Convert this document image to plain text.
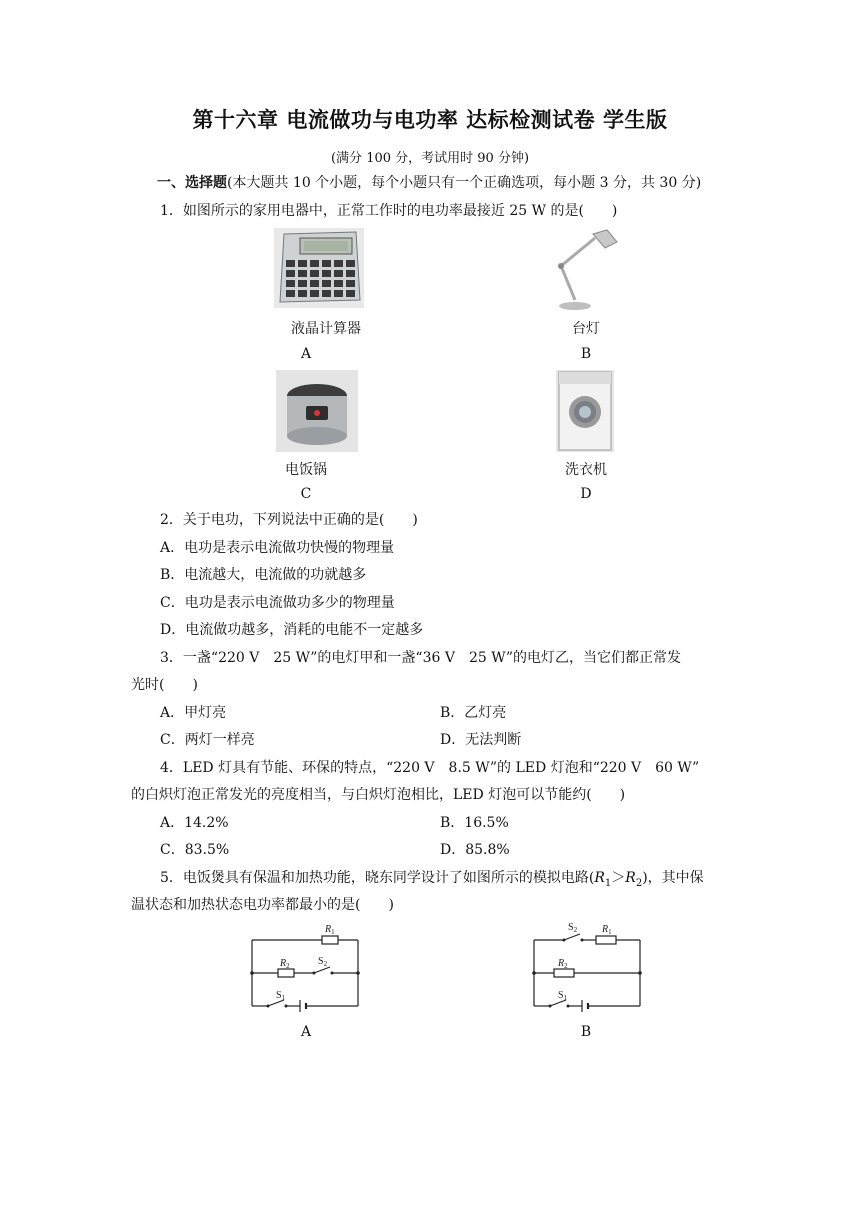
第十六章 电流做功与电功率 达标检测试卷 学生版
(满分 100 分，考试用时 90 分钟)
一、选择题(本大题共 10 个小题，每个小题只有一个正确选项，每小题 3 分，共 30 分)
1．如图所示的家用电器中，正常工作时的电功率最接近 25 W 的是(　　)
液晶计算器	台灯
A	B
电饭锅	洗衣机
C	D
2．关于电功，下列说法中正确的是(　　)
A．电功是表示电流做功快慢的物理量
B．电流越大，电流做的功就越多
C．电功是表示电流做功多少的物理量
D．电流做功越多，消耗的电能不一定越多
3．一盏“220 V　25 W”的电灯甲和一盏“36 V　25 W”的电灯乙，当它们都正常发
光时(　　)
A．甲灯亮	B．乙灯亮
C．两灯一样亮	D．无法判断
4．LED 灯具有节能、环保的特点，“220 V　8.5 W”的 LED 灯泡和“220 V　60 W”
的白炽灯泡正常发光的亮度相当，与白炽灯泡相比，LED 灯泡可以节能约(　　)
A．14.2%	B．16.5%
C．83.5%	D．85.8%
5．电饭煲具有保温和加热功能，晓东同学设计了如图所示的模拟电路$(R_1>R_2)$，其中保
温状态和加热状态电功率都最小的是(　　)
$R_1$
$R_2$	$S_2$
$S_1$
A
$R_1$
$R_2$
$S_2$
$S_1$
B
